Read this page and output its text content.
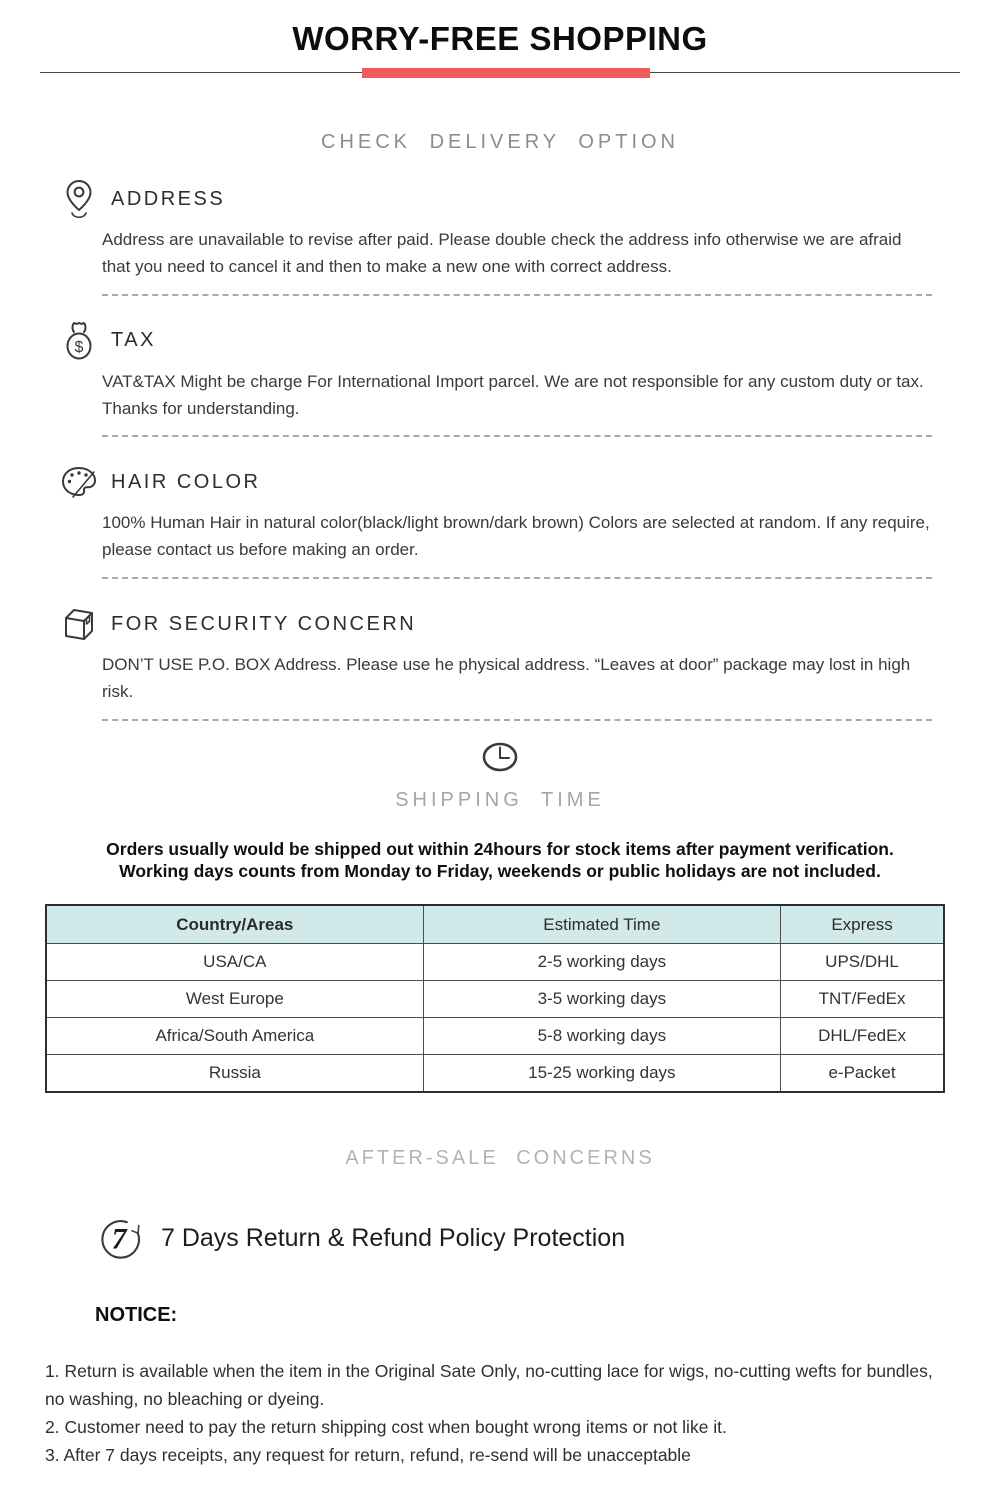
WORRY-FREE SHOPPING
CHECK DELIVERY OPTION
ADDRESS
Address are unavailable to revise after paid. Please double check the address info otherwise we are afraid that you need to cancel it and then to make a new one with correct address.
$ TAX
VAT&TAX Might be charge For International Import parcel. We are not responsible for any custom duty or tax. Thanks for understanding.
HAIR COLOR
100% Human Hair in natural color(black/light brown/dark brown) Colors are selected at random. If any require, please contact us before making an order.
FOR SECURITY CONCERN
DON’T USE P.O. BOX Address. Please use he physical address. “Leaves at door” package may lost in high risk.
SHIPPING TIME
Orders usually would be shipped out within 24hours for stock items after payment verification.
Working days counts from Monday to Friday, weekends or public holidays are not included.
Country/Areas	Estimated Time	Express
USA/CA	2-5 working days	UPS/DHL
West Europe	3-5 working days	TNT/FedEx
Africa/South America	5-8 working days	DHL/FedEx
Russia	15-25 working days	e-Packet
AFTER-SALE CONCERNS
7 7 Days Return & Refund Policy Protection
NOTICE:

1. Return is available when the item in the Original Sate Only, no-cutting lace for wigs, no-cutting wefts for bundles, no washing, no bleaching or dyeing.

2. Customer need to pay the return shipping cost when bought wrong items or not like it.

3. After 7 days receipts, any request for return, refund, re-send will be unacceptable
